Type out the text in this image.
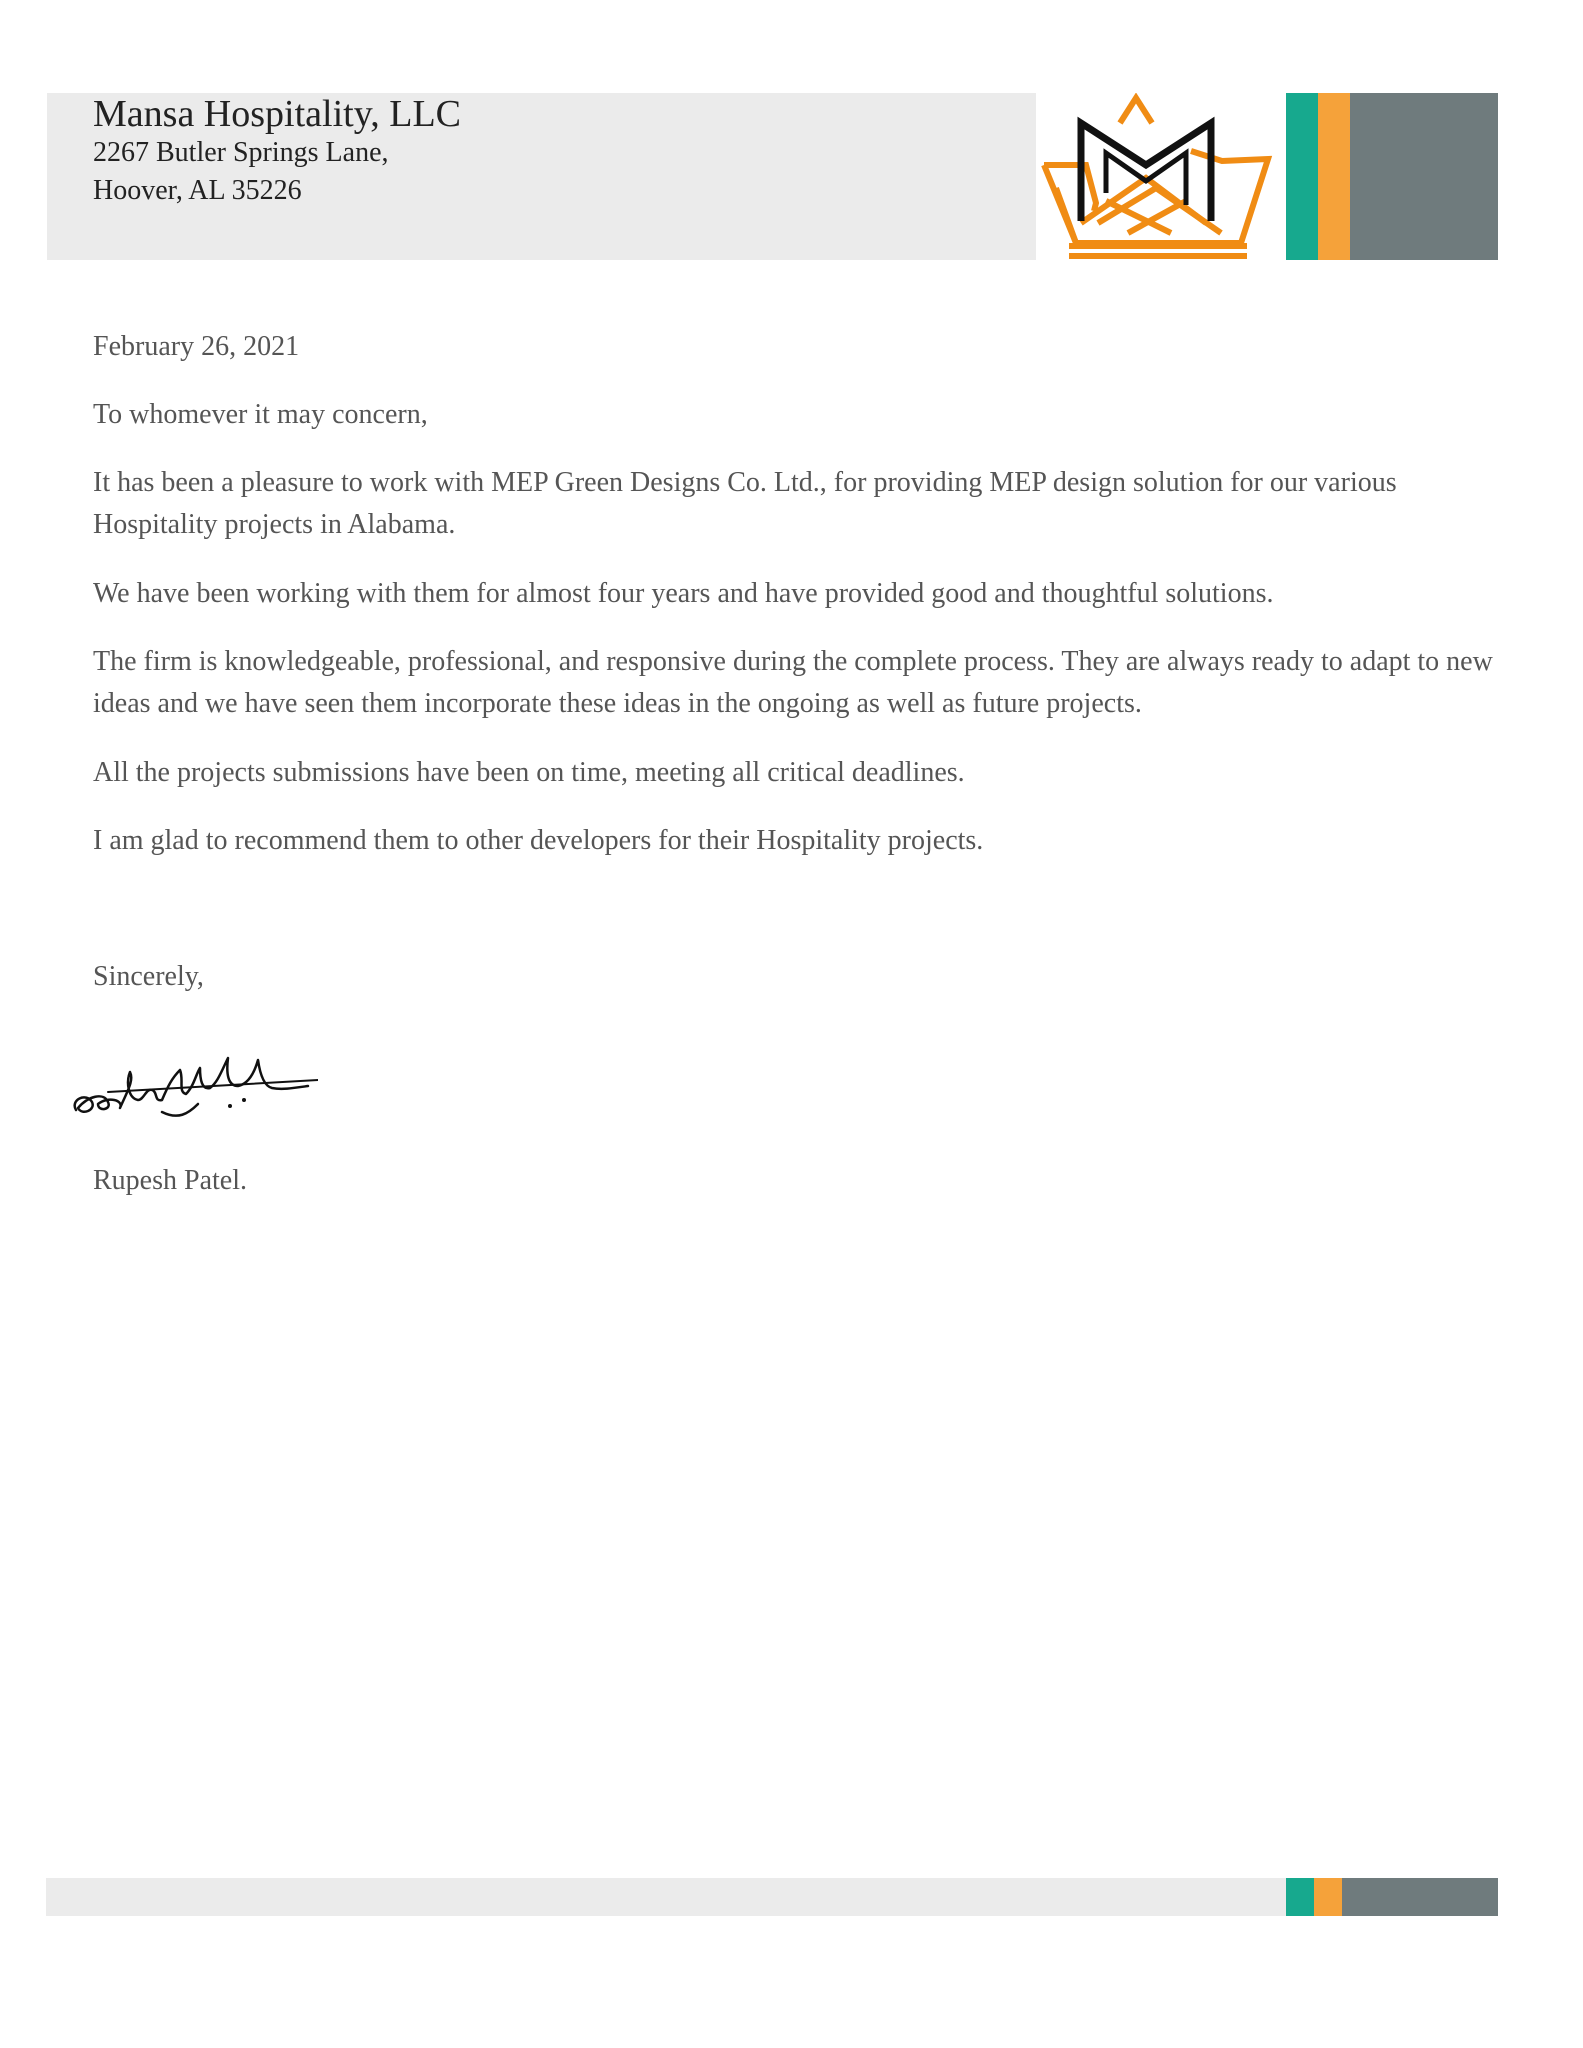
Mansa Hospitality, LLC
2267 Butler Springs Lane,
Hoover, AL 35226
February 26, 2021
To whomever it may concern,
It has been a pleasure to work with MEP Green Designs Co. Ltd., for providing MEP design solution for our various Hospitality projects in Alabama.
We have been working with them for almost four years and have provided good and thoughtful solutions.
The firm is knowledgeable, professional, and responsive during the complete process. They are always ready to adapt to new ideas and we have seen them incorporate these ideas in the ongoing as well as future projects.
All the projects submissions have been on time, meeting all critical deadlines.
I am glad to recommend them to other developers for their Hospitality projects.
Sincerely,
Rupesh Patel.
